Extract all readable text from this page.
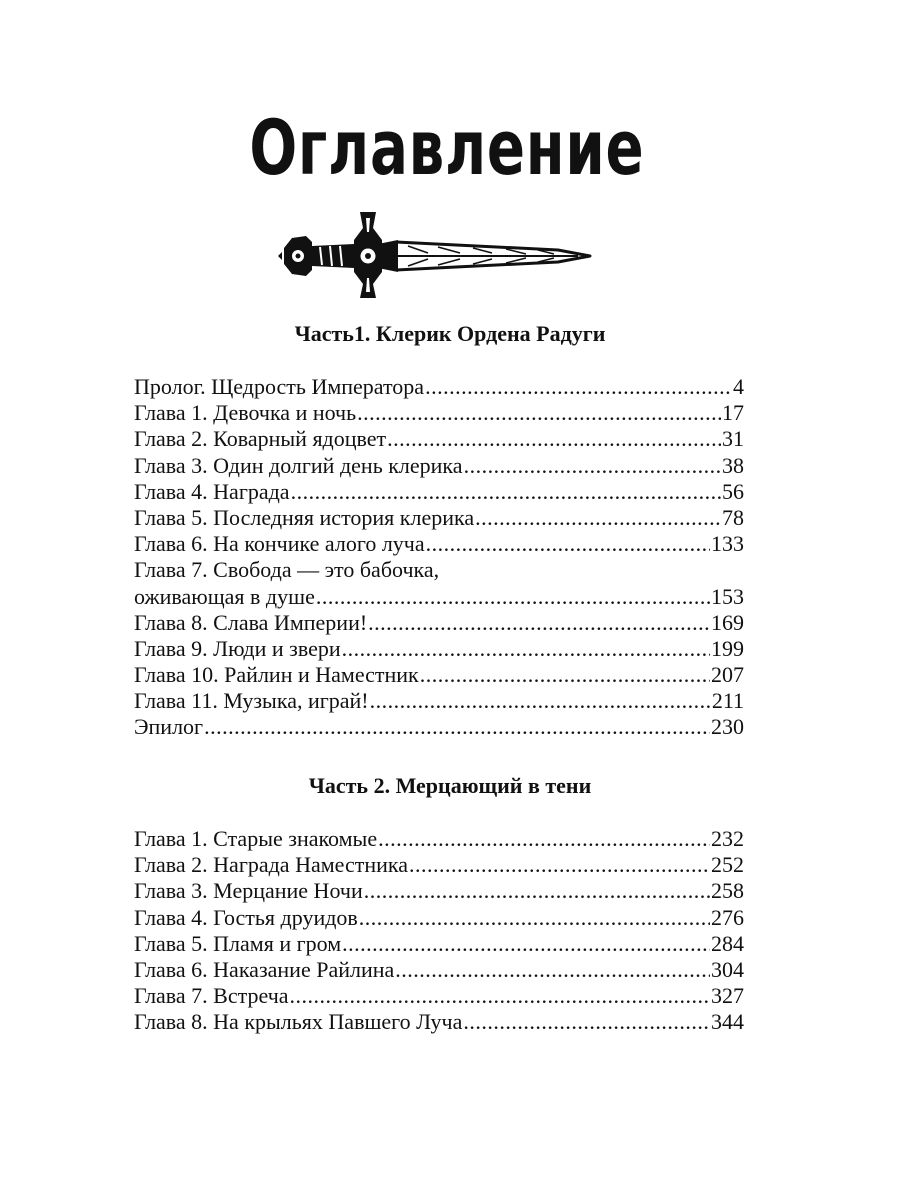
Оглавление
Часть1. Клерик Ордена Радуги
Пролог. Щедрость Императора .....	4
Глава 1. Девочка и ночь .....	17
Глава 2. Коварный ядоцвет .....	31
Глава 3. Один долгий день клерика .....	38
Глава 4. Награда .....	56
Глава 5. Последняя история клерика .....	78
Глава 6. На кончике алого луча .....	133
Глава 7. Свобода — это бабочка,
оживающая в душе .....	153
Глава 8. Слава Империи! .....	169
Глава 9. Люди и звери .....	199
Глава 10. Райлин и Наместник .....	207
Глава 11. Музыка, играй! .....	211
Эпилог .....	230
Часть 2. Мерцающий в тени
Глава 1. Старые знакомые .....	232
Глава 2. Награда Наместника .....	252
Глава 3. Мерцание Ночи .....	258
Глава 4. Гостья друидов .....	276
Глава 5. Пламя и гром .....	284
Глава 6. Наказание Райлина .....	304
Глава 7. Встреча .....	327
Глава 8. На крыльях Павшего Луча .....	344
